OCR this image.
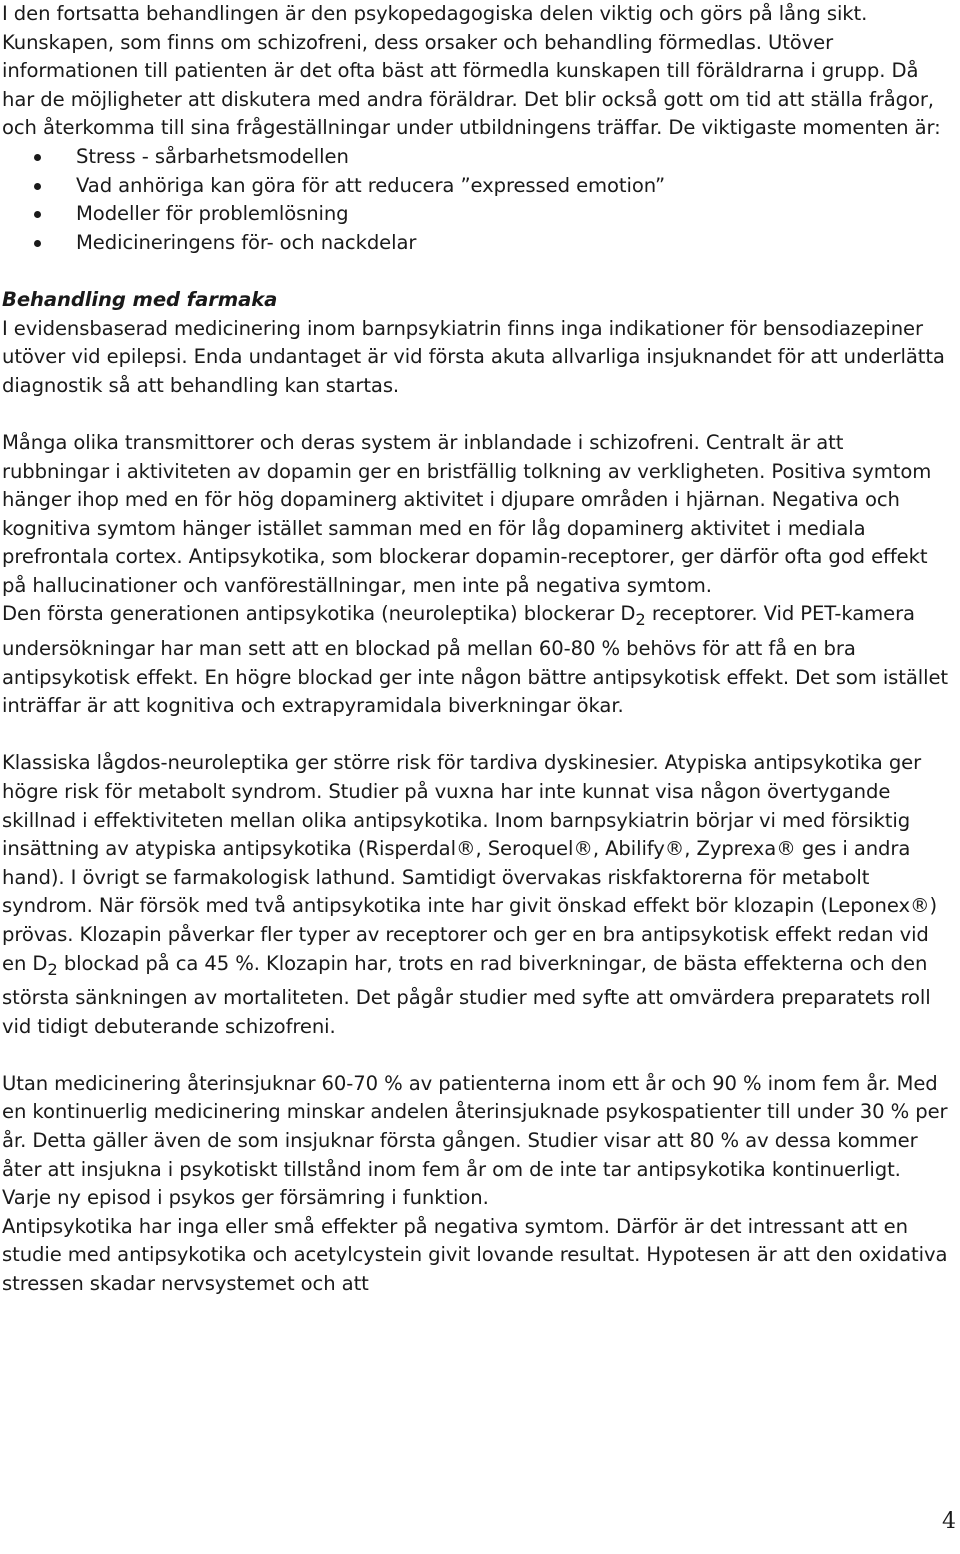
I den fortsatta behandlingen är den psykopedagogiska delen viktig och görs på lång sikt. Kunskapen, som finns om schizofreni, dess orsaker och behandling förmedlas. Utöver informationen till patienten är det ofta bäst att förmedla kunskapen till föräldrarna i grupp. Då har de möjligheter att diskutera med andra föräldrar. Det blir också gott om tid att ställa frågor, och återkomma till sina frågeställningar under utbildningens träffar. De viktigaste momenten är:

Stress - sårbarhetsmodellen
Vad anhöriga kan göra för att reducera ”expressed emotion”
Modeller för problemlösning
Medicineringens för- och nackdelar
Behandling med farmaka

I evidensbaserad medicinering inom barnpsykiatrin finns inga indikationer för bensodiazepiner utöver vid epilepsi. Enda undantaget är vid första akuta allvarliga insjuknandet för att underlätta diagnostik så att behandling kan startas.

Många olika transmittorer och deras system är inblandade i schizofreni. Centralt är att rubbningar i aktiviteten av dopamin ger en bristfällig tolkning av verkligheten. Positiva symtom hänger ihop med en för hög dopaminerg aktivitet i djupare områden i hjärnan. Negativa och kognitiva symtom hänger istället samman med en för låg dopaminerg aktivitet i mediala prefrontala cortex. Antipsykotika, som blockerar dopamin-receptorer, ger därför ofta god effekt på hallucinationer och vanföreställningar, men inte på negativa symtom.

Den första generationen antipsykotika (neuroleptika) blockerar $D_2$ receptorer. Vid PET-kamera undersökningar har man sett att en blockad på mellan 60-80 % behövs för att få en bra antipsykotisk effekt. En högre blockad ger inte någon bättre antipsykotisk effekt. Det som istället inträffar är att kognitiva och extrapyramidala biverkningar ökar.

Klassiska lågdos-neuroleptika ger större risk för tardiva dyskinesier. Atypiska antipsykotika ger högre risk för metabolt syndrom. Studier på vuxna har inte kunnat visa någon övertygande skillnad i effektiviteten mellan olika antipsykotika. Inom barnpsykiatrin börjar vi med försiktig insättning av atypiska antipsykotika (Risperdal®, Seroquel®, Abilify®, Zyprexa® ges i andra hand). I övrigt se farmakologisk lathund. Samtidigt övervakas riskfaktorerna för metabolt syndrom. När försök med två antipsykotika inte har givit önskad effekt bör klozapin (Leponex®) prövas. Klozapin påverkar fler typer av receptorer och ger en bra antipsykotisk effekt redan vid en $D_2$ blockad på ca 45 %. Klozapin har, trots en rad biverkningar, de bästa effekterna och den största sänkningen av mortaliteten. Det pågår studier med syfte att omvärdera preparatets roll vid tidigt debuterande schizofreni.

Utan medicinering återinsjuknar 60-70 % av patienterna inom ett år och 90 % inom fem år. Med en kontinuerlig medicinering minskar andelen återinsjuknade psykospatienter till under 30 % per år. Detta gäller även de som insjuknar första gången. Studier visar att 80 % av dessa kommer åter att insjukna i psykotiskt tillstånd inom fem år om de inte tar antipsykotika kontinuerligt. Varje ny episod i psykos ger försämring i funktion.

Antipsykotika har inga eller små effekter på negativa symtom. Därför är det intressant att en studie med antipsykotika och acetylcystein givit lovande resultat. Hypotesen är att den oxidativa stressen skadar nervsystemet och att

4
